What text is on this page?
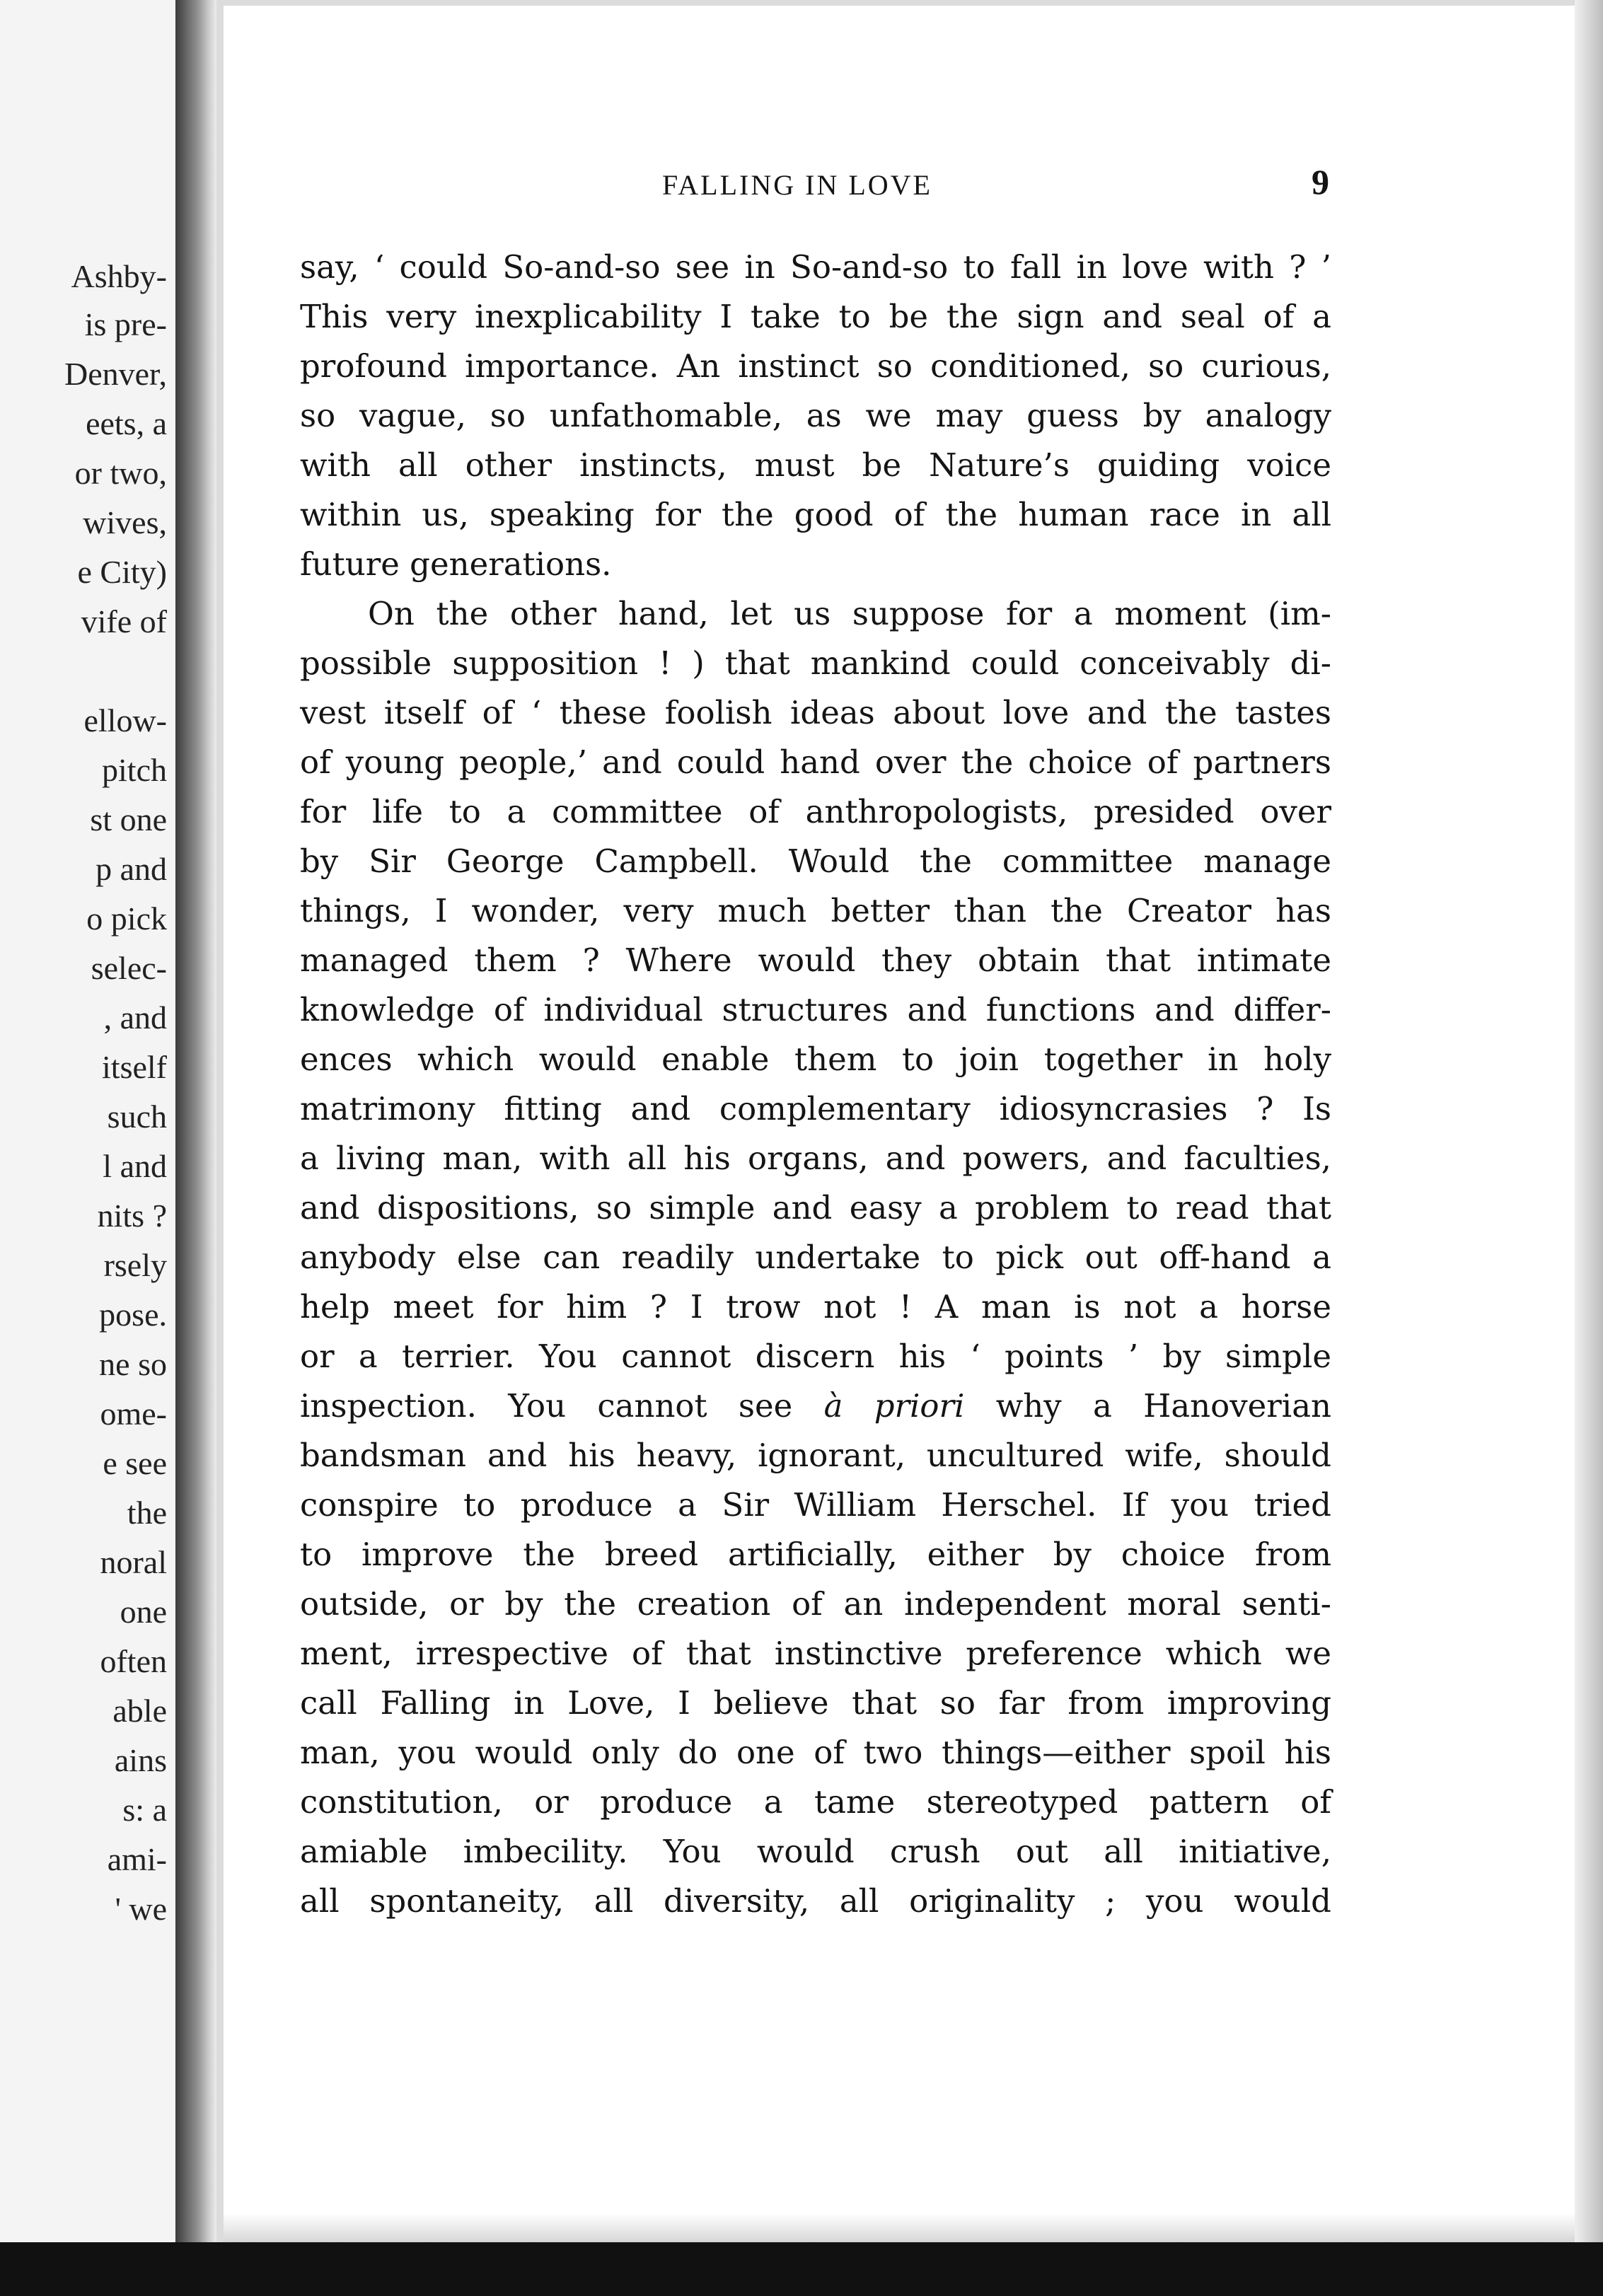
Ashby-
is pre-
Denver,
eets, a
or two,
wives,
e City)
vife of
ellow-
pitch
st one
p and
o pick
selec-
, and
itself
such
l and
nits ?
rsely
pose.
ne so
ome-
e see
the
noral
one
often
able
ains
s: a
ami-
' we
FALLING IN LOVE	9
say, ‘ could So-and-so see in So-and-so to fall in love with ? ’
This very inexplicability I take to be the sign and seal of a
profound importance. An instinct so conditioned, so curious,
so vague, so unfathomable, as we may guess by analogy
with all other instincts, must be Nature’s guiding voice
within us, speaking for the good of the human race in all
future generations.
On the other hand, let us suppose for a moment (im-
possible supposition ! ) that mankind could conceivably di-
vest itself of ‘ these foolish ideas about love and the tastes
of young people,’ and could hand over the choice of partners
for life to a committee of anthropologists, presided over
by Sir George Campbell. Would the committee manage
things, I wonder, very much better than the Creator has
managed them ? Where would they obtain that intimate
knowledge of individual structures and functions and differ-
ences which would enable them to join together in holy
matrimony fitting and complementary idiosyncrasies ? Is
a living man, with all his organs, and powers, and faculties,
and dispositions, so simple and easy a problem to read that
anybody else can readily undertake to pick out off-hand a
help meet for him ? I trow not ! A man is not a horse
or a terrier. You cannot discern his ‘ points ’ by simple
inspection. You cannot see à priori why a Hanoverian
bandsman and his heavy, ignorant, uncultured wife, should
conspire to produce a Sir William Herschel. If you tried
to improve the breed artificially, either by choice from
outside, or by the creation of an independent moral senti-
ment, irrespective of that instinctive preference which we
call Falling in Love, I believe that so far from improving
man, you would only do one of two things—either spoil his
constitution, or produce a tame stereotyped pattern of
amiable imbecility. You would crush out all initiative,
all spontaneity, all diversity, all originality ; you would
